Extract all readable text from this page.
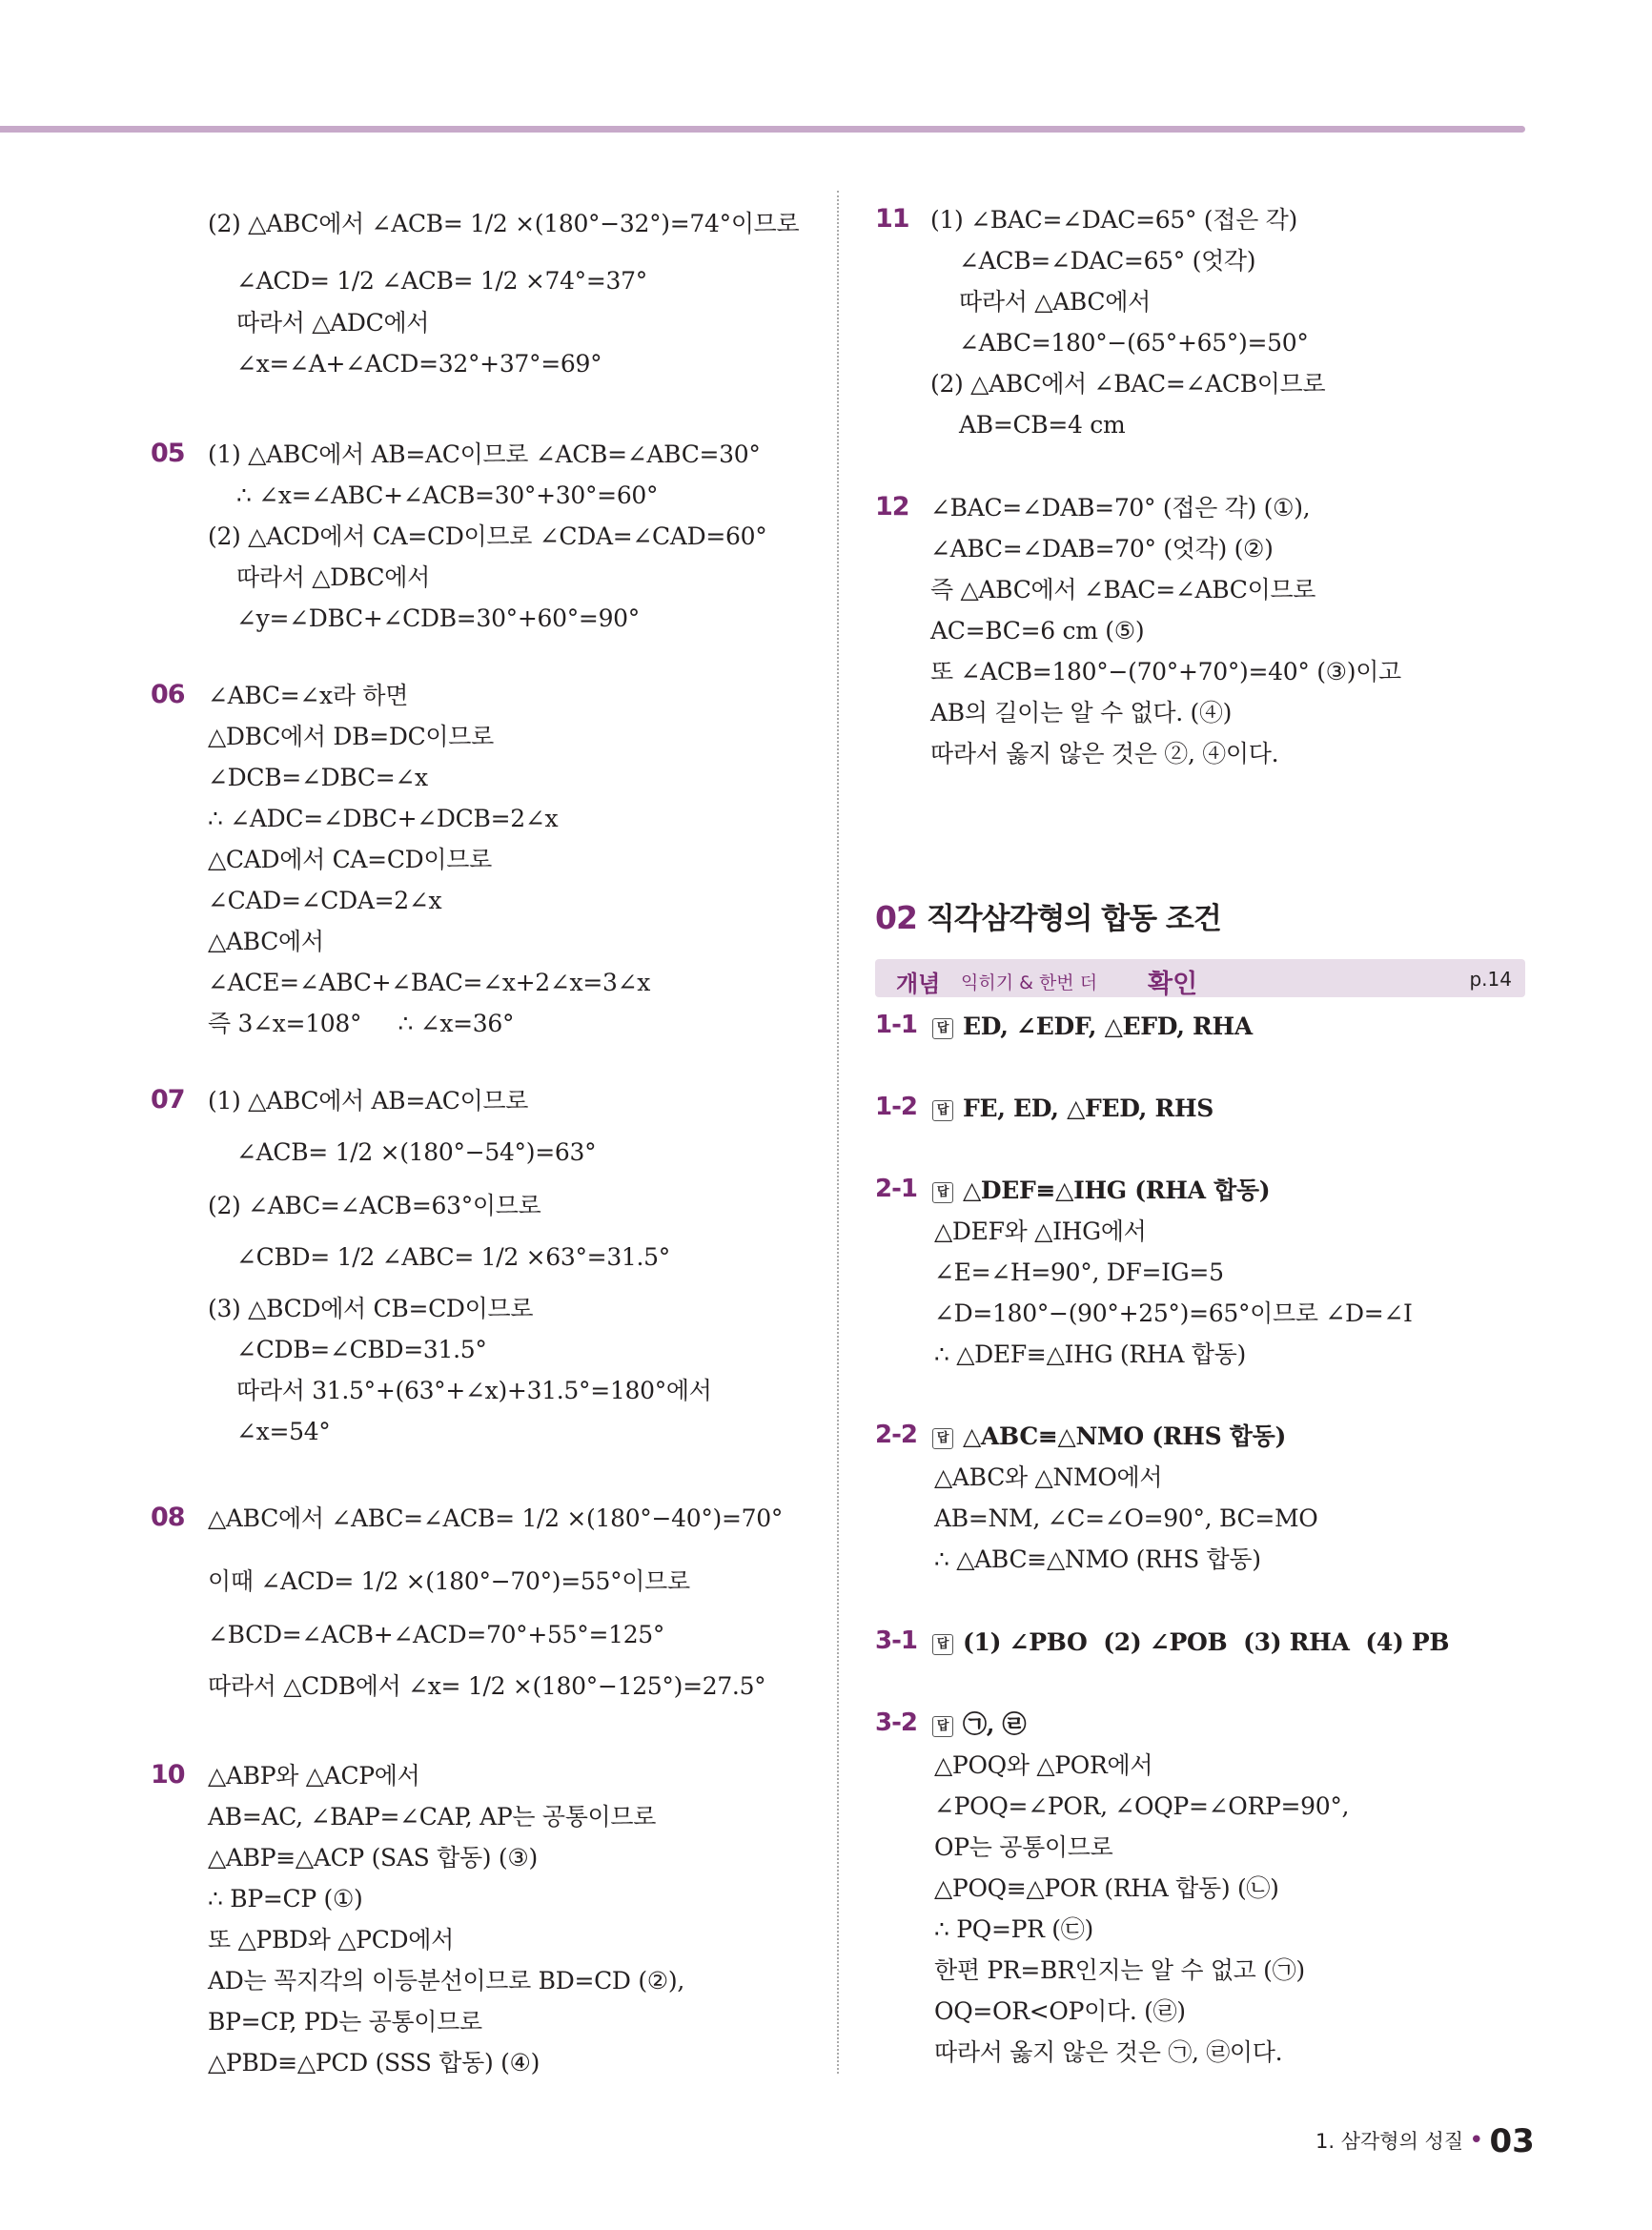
(2) △ABC에서 ∠ACB= 1/2 ×(180°−32°)=74°이므로
∠ACD= 1/2 ∠ACB= 1/2 ×74°=37°
따라서 △ADC에서
∠x=∠A+∠ACD=32°+37°=69°
05 (1) △ABC에서 AB=AC이므로 ∠ACB=∠ABC=30°
∴ ∠x=∠ABC+∠ACB=30°+30°=60°
(2) △ACD에서 CA=CD이므로 ∠CDA=∠CAD=60°
따라서 △DBC에서
∠y=∠DBC+∠CDB=30°+60°=90°
06 ∠ABC=∠x라 하면
△DBC에서 DB=DC이므로
∠DCB=∠DBC=∠x
∴ ∠ADC=∠DBC+∠DCB=2∠x
△CAD에서 CA=CD이므로
∠CAD=∠CDA=2∠x
△ABC에서
∠ACE=∠ABC+∠BAC=∠x+2∠x=3∠x
즉 3∠x=108°     ∴ ∠x=36°
07 (1) △ABC에서 AB=AC이므로
∠ACB= 1/2 ×(180°−54°)=63°
(2) ∠ABC=∠ACB=63°이므로
∠CBD= 1/2 ∠ABC= 1/2 ×63°=31.5°
(3) △BCD에서 CB=CD이므로
∠CDB=∠CBD=31.5°
따라서 31.5°+(63°+∠x)+31.5°=180°에서
∠x=54°
08 △ABC에서 ∠ABC=∠ACB= 1/2 ×(180°−40°)=70°
이때 ∠ACD= 1/2 ×(180°−70°)=55°이므로
∠BCD=∠ACB+∠ACD=70°+55°=125°
따라서 △CDB에서 ∠x= 1/2 ×(180°−125°)=27.5°
10 △ABP와 △ACP에서
AB=AC, ∠BAP=∠CAP, AP는 공통이므로
△ABP≡△ACP (SAS 합동) (③)
∴ BP=CP (①)
또 △PBD와 △PCD에서
AD는 꼭지각의 이등분선이므로 BD=CD (②),
BP=CP, PD는 공통이므로
△PBD≡△PCD (SSS 합동) (④)
11 (1) ∠BAC=∠DAC=65° (접은 각)
∠ACB=∠DAC=65° (엇각)
따라서 △ABC에서
∠ABC=180°−(65°+65°)=50°
(2) △ABC에서 ∠BAC=∠ACB이므로
AB=CB=4 cm
12 ∠BAC=∠DAB=70° (접은 각) (①),
∠ABC=∠DAB=70° (엇각) (②)
즉 △ABC에서 ∠BAC=∠ABC이므로
AC=BC=6 cm (⑤)
또 ∠ACB=180°−(70°+70°)=40° (③)이고
AB의 길이는 알 수 없다. (④)
따라서 옳지 않은 것은 ②, ④이다.
02 직각삼각형의 합동 조건
개념 익히기 & 한번 더 확인	p.14
1-1	답 ED, ∠EDF, △EFD, RHA
1-2	답 FE, ED, △FED, RHS
2-1	답 △DEF≡△IHG (RHA 합동)
△DEF와 △IHG에서
∠E=∠H=90°, DF=IG=5
∠D=180°−(90°+25°)=65°이므로 ∠D=∠I
∴ △DEF≡△IHG (RHA 합동)
2-2	답 △ABC≡△NMO (RHS 합동)
△ABC와 △NMO에서
AB=NM, ∠C=∠O=90°, BC=MO
∴ △ABC≡△NMO (RHS 합동)
3-1	답 (1) ∠PBO  (2) ∠POB  (3) RHA  (4) PB
3-2	답 ㉠, ㉣
△POQ와 △POR에서
∠POQ=∠POR, ∠OQP=∠ORP=90°,
OP는 공통이므로
△POQ≡△POR (RHA 합동) (㉡)
∴ PQ=PR (㉢)
한편 PR=BR인지는 알 수 없고 (㉠)
OQ=OR<OP이다. (㉣)
따라서 옳지 않은 것은 ㉠, ㉣이다.
1. 삼각형의 성질 • 03
